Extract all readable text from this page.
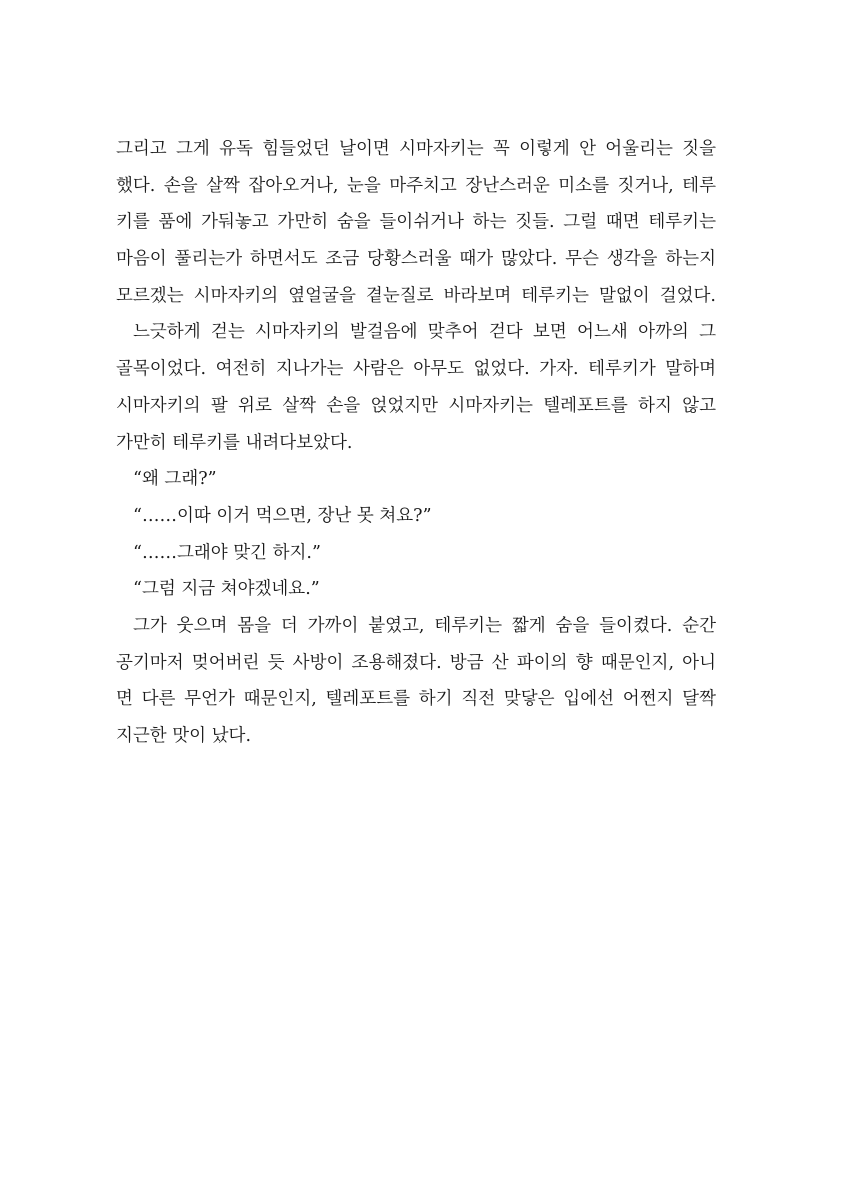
그리고 그게 유독 힘들었던 날이면 시마자키는 꼭 이렇게 안 어울리는 짓을
했다. 손을 살짝 잡아오거나, 눈을 마주치고 장난스러운 미소를 짓거나, 테루
키를 품에 가둬놓고 가만히 숨을 들이쉬거나 하는 짓들. 그럴 때면 테루키는
마음이 풀리는가 하면서도 조금 당황스러울 때가 많았다. 무슨 생각을 하는지
모르겠는 시마자키의 옆얼굴을 곁눈질로 바라보며 테루키는 말없이 걸었다.
느긋하게 걷는 시마자키의 발걸음에 맞추어 걷다 보면 어느새 아까의 그
골목이었다. 여전히 지나가는 사람은 아무도 없었다. 가자. 테루키가 말하며
시마자키의 팔 위로 살짝 손을 얹었지만 시마자키는 텔레포트를 하지 않고
가만히 테루키를 내려다보았다.
“왜 그래?”
“……이따 이거 먹으면, 장난 못 쳐요?”
“……그래야 맞긴 하지.”
“그럼 지금 쳐야겠네요.”
그가 웃으며 몸을 더 가까이 붙였고, 테루키는 짧게 숨을 들이켰다. 순간
공기마저 멎어버린 듯 사방이 조용해졌다. 방금 산 파이의 향 때문인지, 아니
면 다른 무언가 때문인지, 텔레포트를 하기 직전 맞닿은 입에선 어쩐지 달짝
지근한 맛이 났다.
